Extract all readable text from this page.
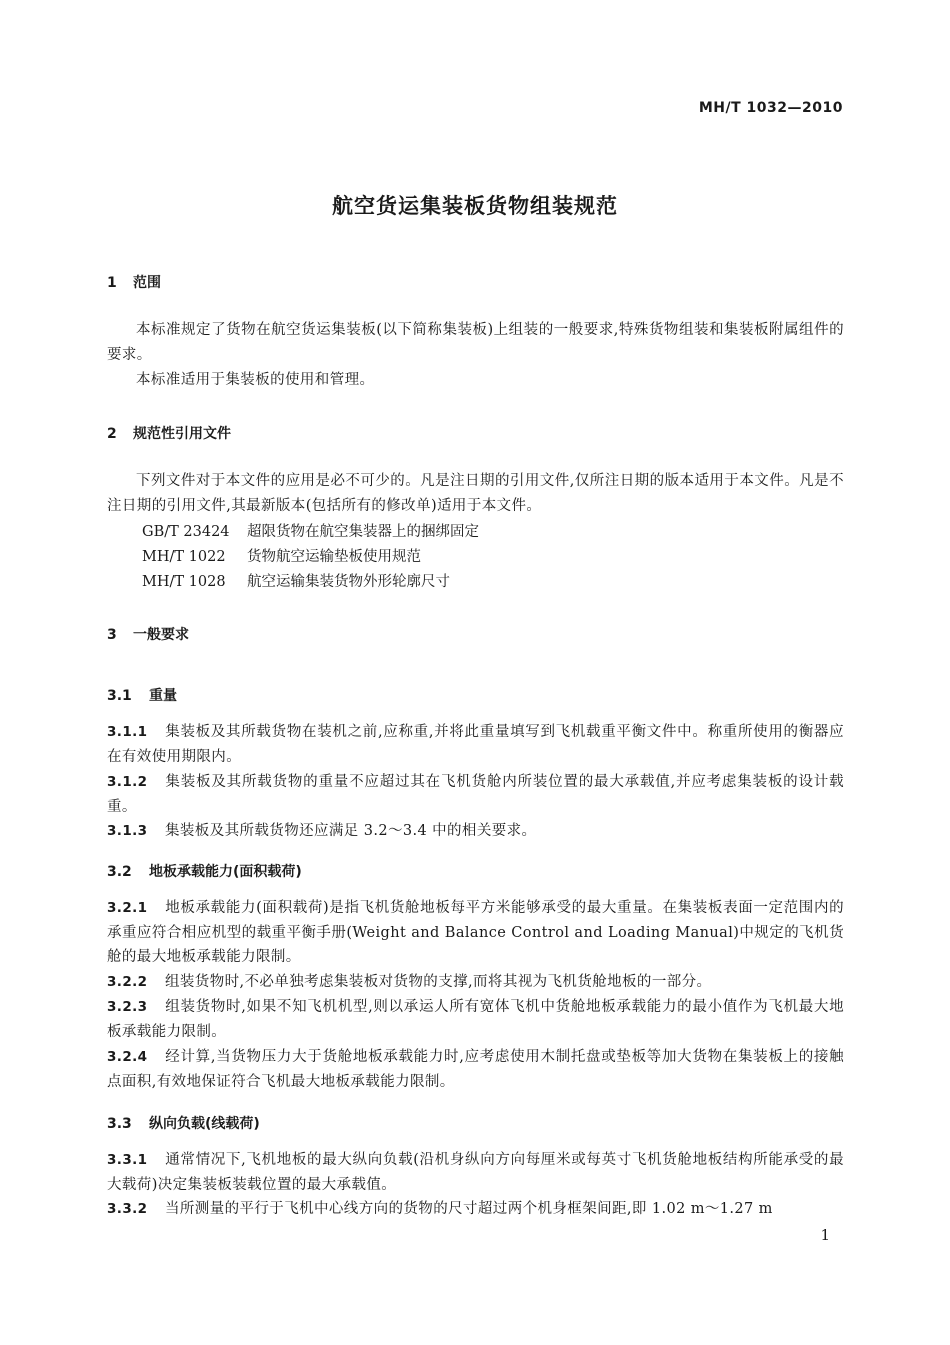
MH/T 1032—2010
航空货运集装板货物组装规范
1 范围
本标准规定了货物在航空货运集装板(以下简称集装板)上组装的一般要求,特殊货物组装和集装板附属组件的要求。
本标准适用于集装板的使用和管理。
2 规范性引用文件
下列文件对于本文件的应用是必不可少的。凡是注日期的引用文件,仅所注日期的版本适用于本文件。凡是不注日期的引用文件,其最新版本(包括所有的修改单)适用于本文件。
GB/T 23424 超限货物在航空集装器上的捆绑固定
MH/T 1022 货物航空运输垫板使用规范
MH/T 1028 航空运输集装货物外形轮廓尺寸
3 一般要求
3.1 重量
3.1.1 集装板及其所载货物在装机之前,应称重,并将此重量填写到飞机载重平衡文件中。称重所使用的衡器应在有效使用期限内。
3.1.2 集装板及其所载货物的重量不应超过其在飞机货舱内所装位置的最大承载值,并应考虑集装板的设计载重。
3.1.3 集装板及其所载货物还应满足 3.2～3.4 中的相关要求。
3.2 地板承载能力(面积载荷)
3.2.1 地板承载能力(面积载荷)是指飞机货舱地板每平方米能够承受的最大重量。在集装板表面一定范围内的承重应符合相应机型的载重平衡手册(Weight and Balance Control and Loading Manual)中规定的飞机货舱的最大地板承载能力限制。
3.2.2 组装货物时,不必单独考虑集装板对货物的支撑,而将其视为飞机货舱地板的一部分。
3.2.3 组装货物时,如果不知飞机机型,则以承运人所有宽体飞机中货舱地板承载能力的最小值作为飞机最大地板承载能力限制。
3.2.4 经计算,当货物压力大于货舱地板承载能力时,应考虑使用木制托盘或垫板等加大货物在集装板上的接触点面积,有效地保证符合飞机最大地板承载能力限制。
3.3 纵向负载(线载荷)
3.3.1 通常情况下,飞机地板的最大纵向负载(沿机身纵向方向每厘米或每英寸飞机货舱地板结构所能承受的最大载荷)决定集装板装载位置的最大承载值。
3.3.2 当所测量的平行于飞机中心线方向的货物的尺寸超过两个机身框架间距,即 1.02 m～1.27 m
1
